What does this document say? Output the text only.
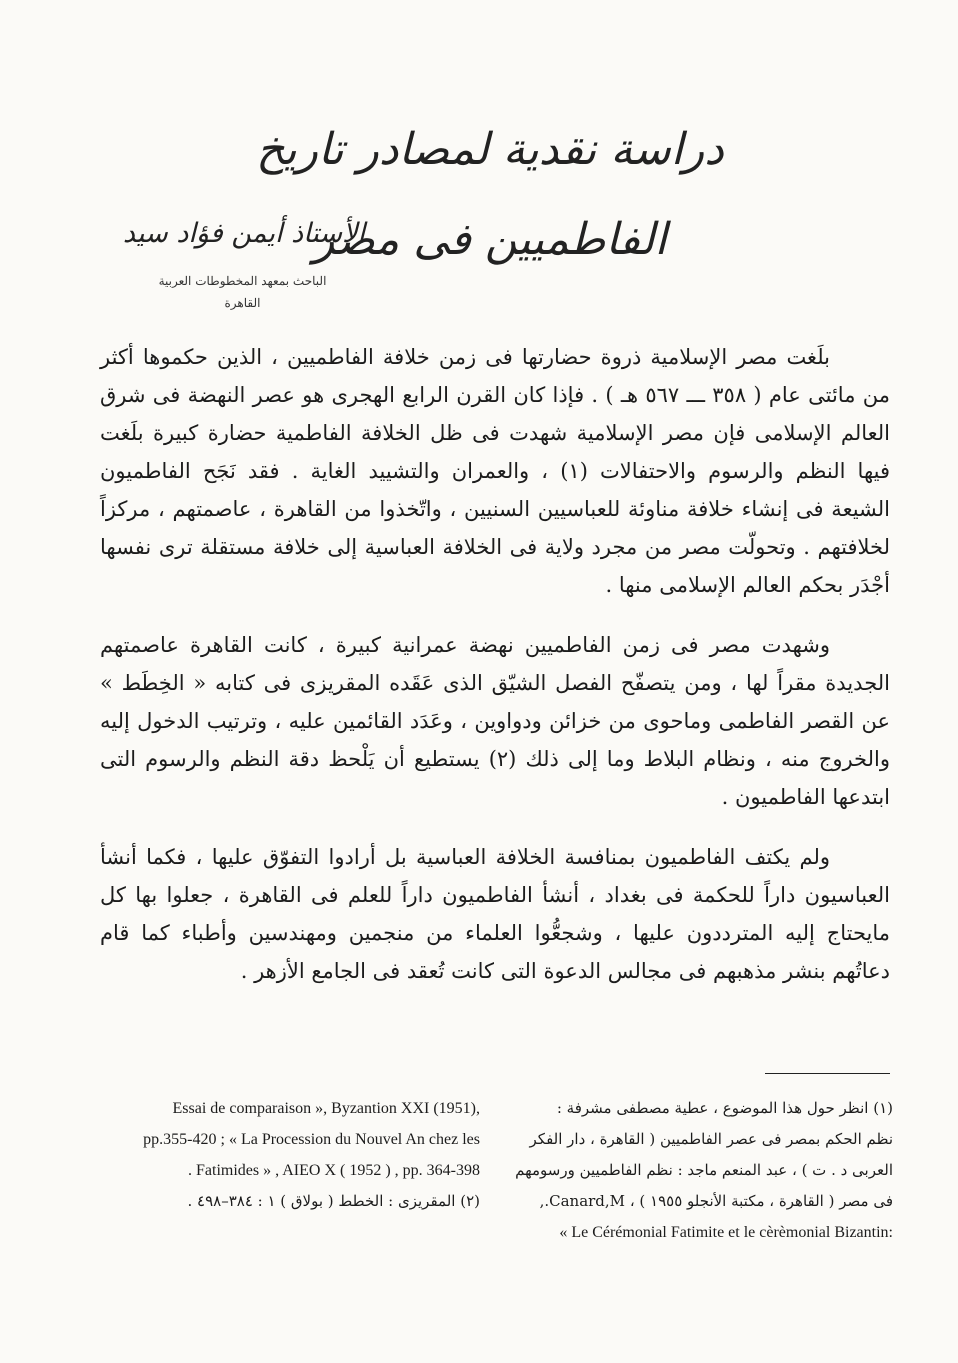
دراسة نقدية لمصادر تاريخ الفاطميين فى مصر
الأستاذ أيمن فؤاد سيد
الباحث بمعهد المخطوطات العربية
القاهرة

بلَغت مصر الإسلامية ذروة حضارتها فى زمن خلافة الفاطميين ، الذين حكموها أكثر من مائتى عام ( ٣٥٨ ـــ ٥٦٧ هـ ) . فإذا كان القرن الرابع الهجرى هو عصر النهضة فى شرق العالم الإسلامى فإن مصر الإسلامية شهدت فى ظل الخلافة الفاطمية حضارة كبيرة بلَغت فيها النظم والرسوم والاحتفالات (١) ، والعمران والتشييد الغاية . فقد نَجَح الفاطميون الشيعة فى إنشاء خلافة مناوئة للعباسيين السنيين ، واتّخذوا من القاهرة ، عاصمتهم ، مركزاً لخلافتهم . وتحولّت مصر من مجرد ولاية فى الخلافة العباسية إلى خلافة مستقلة ترى نفسها أجْدَر بحكم العالم الإسلامى منها .

وشهدت مصر فى زمن الفاطميين نهضة عمرانية كبيرة ، كانت القاهرة عاصمتهم الجديدة مقراً لها ، ومن يتصفّح الفصل الشيّق الذى عَقَده المقريزى فى كتابه « الخِطَط » عن القصر الفاطمى وماحوى من خزائن ودواوين ، وعَدَد القائمين عليه ، وترتيب الدخول إليه والخروج منه ، ونظام البلاط وما إلى ذلك (٢) يستطيع أن يَلْحظ دقة النظم والرسوم التى ابتدعها الفاطميون .

ولم يكتف الفاطميون بمنافسة الخلافة العباسية بل أرادوا التفوّق عليها ، فكما أنشأ العباسيون داراً للحكمة فى بغداد ، أنشأ الفاطميون داراً للعلم فى القاهرة ، جعلوا بها كل مايحتاج إليه المترددون عليها ، وشجعُّوا العلماء من منجمين ومهندسين وأطباء كما قام دعاتُهم بنشر مذهبهم فى مجالس الدعوة التى كانت تُعقد فى الجامع الأزهر .

(١) انظر حول هذا الموضوع ، عطية مصطفى مشرفة :
نظم الحكم بمصر فى عصر الفاطميين ( القاهرة ، دار الفكر
العربى د . ت ) ، عبد المنعم ماجد : نظم الفاطميين ورسومهم
فى مصر ( القاهرة ، مكتبة الأنجلو ١٩٥٥ ) ، Canard,M.,
« Le Cérémonial Fatimite et le cèrèmonial Bizantin:
Essai de comparaison », Byzantion XXI (1951),
pp.355-420 ; « La Procession du Nouvel An chez les
. Fatimides » , AIEO X ( 1952 ) , pp. 364-398
(٢) المقريزى : الخطط ( بولاق ) ١ : ٣٨٤–٤٩٨ .
